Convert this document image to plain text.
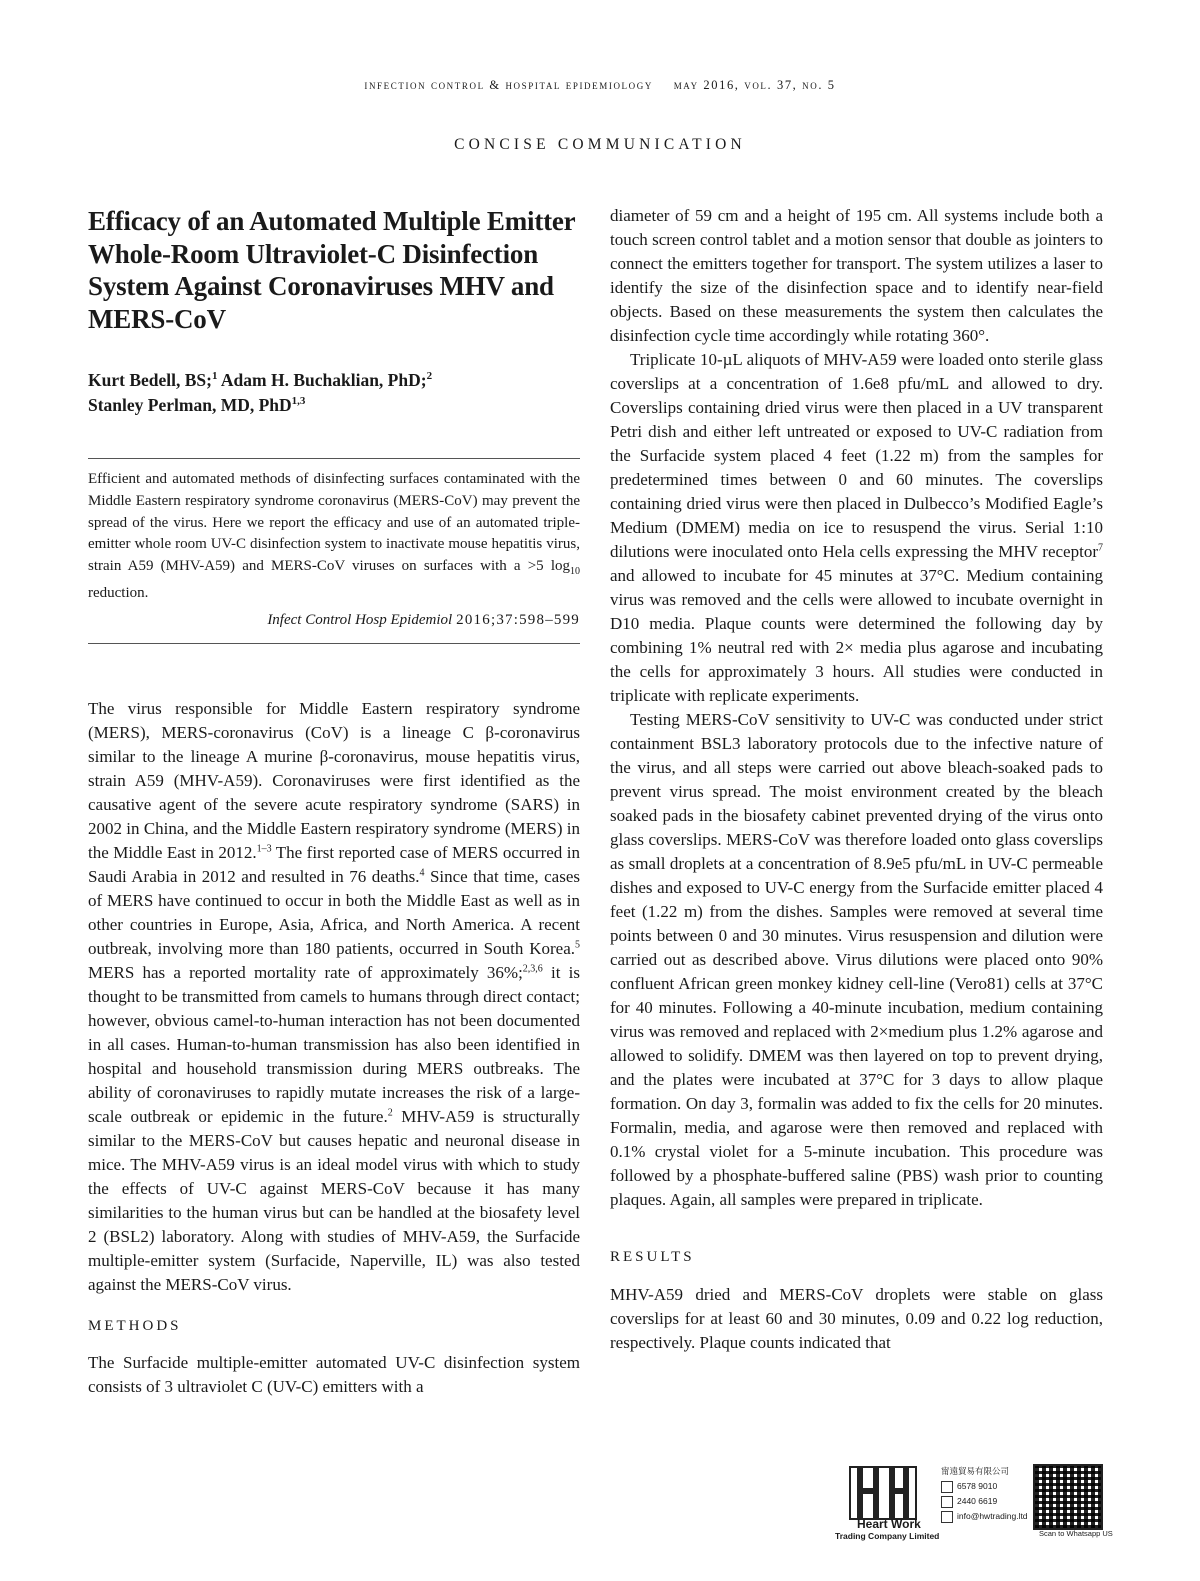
infection control & hospital epidemiology may 2016, vol. 37, no. 5
CONCISE COMMUNICATION
Efficacy of an Automated Multiple Emitter Whole-Room Ultraviolet-C Disinfection System Against Coronaviruses MHV and MERS-CoV
Kurt Bedell, BS;$^1$ Adam H. Buchaklian, PhD;$^2$
Stanley Perlman, MD, PhD$^{1,3}$

Efficient and automated methods of disinfecting surfaces contaminated with the Middle Eastern respiratory syndrome coronavirus (MERS-CoV) may prevent the spread of the virus. Here we report the efficacy and use of an automated triple-emitter whole room UV-C disinfection system to inactivate mouse hepatitis virus, strain A59 (MHV-A59) and MERS-CoV viruses on surfaces with a >5 $\log_{10}$ reduction.

Infect Control Hosp Epidemiol 2016;37:598–599

The virus responsible for Middle Eastern respiratory syndrome (MERS), MERS-coronavirus (CoV) is a lineage C β-coronavirus similar to the lineage A murine β-coronavirus, mouse hepatitis virus, strain A59 (MHV-A59). Coronaviruses were first identified as the causative agent of the severe acute respiratory syndrome (SARS) in 2002 in China, and the Middle Eastern respiratory syndrome (MERS) in the Middle East in 2012.$^{1-3}$ The first reported case of MERS occurred in Saudi Arabia in 2012 and resulted in 76 deaths.$^4$ Since that time, cases of MERS have continued to occur in both the Middle East as well as in other countries in Europe, Asia, Africa, and North America. A recent outbreak, involving more than 180 patients, occurred in South Korea.$^5$ MERS has a reported mortality rate of approximately 36%;$^{2,3,6}$ it is thought to be transmitted from camels to humans through direct contact; however, obvious camel-to-human interaction has not been documented in all cases. Human-to-human transmission has also been identified in hospital and household transmission during MERS outbreaks. The ability of coronaviruses to rapidly mutate increases the risk of a large-scale outbreak or epidemic in the future.$^2$ MHV-A59 is structurally similar to the MERS-CoV but causes hepatic and neuronal disease in mice. The MHV-A59 virus is an ideal model virus with which to study the effects of UV-C against MERS-CoV because it has many similarities to the human virus but can be handled at the biosafety level 2 (BSL2) laboratory. Along with studies of MHV-A59, the Surfacide multiple-emitter system (Surfacide, Naperville, IL) was also tested against the MERS-CoV virus.

METHODS

The Surfacide multiple-emitter automated UV-C disinfection system consists of 3 ultraviolet C (UV-C) emitters with a

diameter of 59 cm and a height of 195 cm. All systems include both a touch screen control tablet and a motion sensor that double as jointers to connect the emitters together for transport. The system utilizes a laser to identify the size of the disinfection space and to identify near-field objects. Based on these measurements the system then calculates the disinfection cycle time accordingly while rotating 360°.

Triplicate 10-µL aliquots of MHV-A59 were loaded onto sterile glass coverslips at a concentration of 1.6e8 pfu/mL and allowed to dry. Coverslips containing dried virus were then placed in a UV transparent Petri dish and either left untreated or exposed to UV-C radiation from the Surfacide system placed 4 feet (1.22 m) from the samples for predetermined times between 0 and 60 minutes. The coverslips containing dried virus were then placed in Dulbecco’s Modified Eagle’s Medium (DMEM) media on ice to resuspend the virus. Serial 1:10 dilutions were inoculated onto Hela cells expressing the MHV receptor$^7$ and allowed to incubate for 45 minutes at 37°C. Medium containing virus was removed and the cells were allowed to incubate overnight in D10 media. Plaque counts were determined the following day by combining 1% neutral red with 2× media plus agarose and incubating the cells for approximately 3 hours. All studies were conducted in triplicate with replicate experiments.

Testing MERS-CoV sensitivity to UV-C was conducted under strict containment BSL3 laboratory protocols due to the infective nature of the virus, and all steps were carried out above bleach-soaked pads to prevent virus spread. The moist environment created by the bleach soaked pads in the biosafety cabinet prevented drying of the virus onto glass coverslips. MERS-CoV was therefore loaded onto glass coverslips as small droplets at a concentration of 8.9e5 pfu/mL in UV-C permeable dishes and exposed to UV-C energy from the Surfacide emitter placed 4 feet (1.22 m) from the dishes. Samples were removed at several time points between 0 and 30 minutes. Virus resuspension and dilution were carried out as described above. Virus dilutions were placed onto 90% confluent African green monkey kidney cell-line (Vero81) cells at 37°C for 40 minutes. Following a 40-minute incubation, medium containing virus was removed and replaced with 2×medium plus 1.2% agarose and allowed to solidify. DMEM was then layered on top to prevent drying, and the plates were incubated at 37°C for 3 days to allow plaque formation. On day 3, formalin was added to fix the cells for 20 minutes. Formalin, media, and agarose were then removed and replaced with 0.1% crystal violet for a 5-minute incubation. This procedure was followed by a phosphate-buffered saline (PBS) wash prior to counting plaques. Again, all samples were prepared in triplicate.

RESULTS

MHV-A59 dried and MERS-CoV droplets were stable on glass coverslips for at least 60 and 30 minutes, 0.09 and 0.22 log reduction, respectively. Plaque counts indicated that

Heart Work
Trading Company Limited
甯遠貿易有限公司
6578 9010
2440 6619
info@hwtrading.ltd
Scan to Whatsapp US
